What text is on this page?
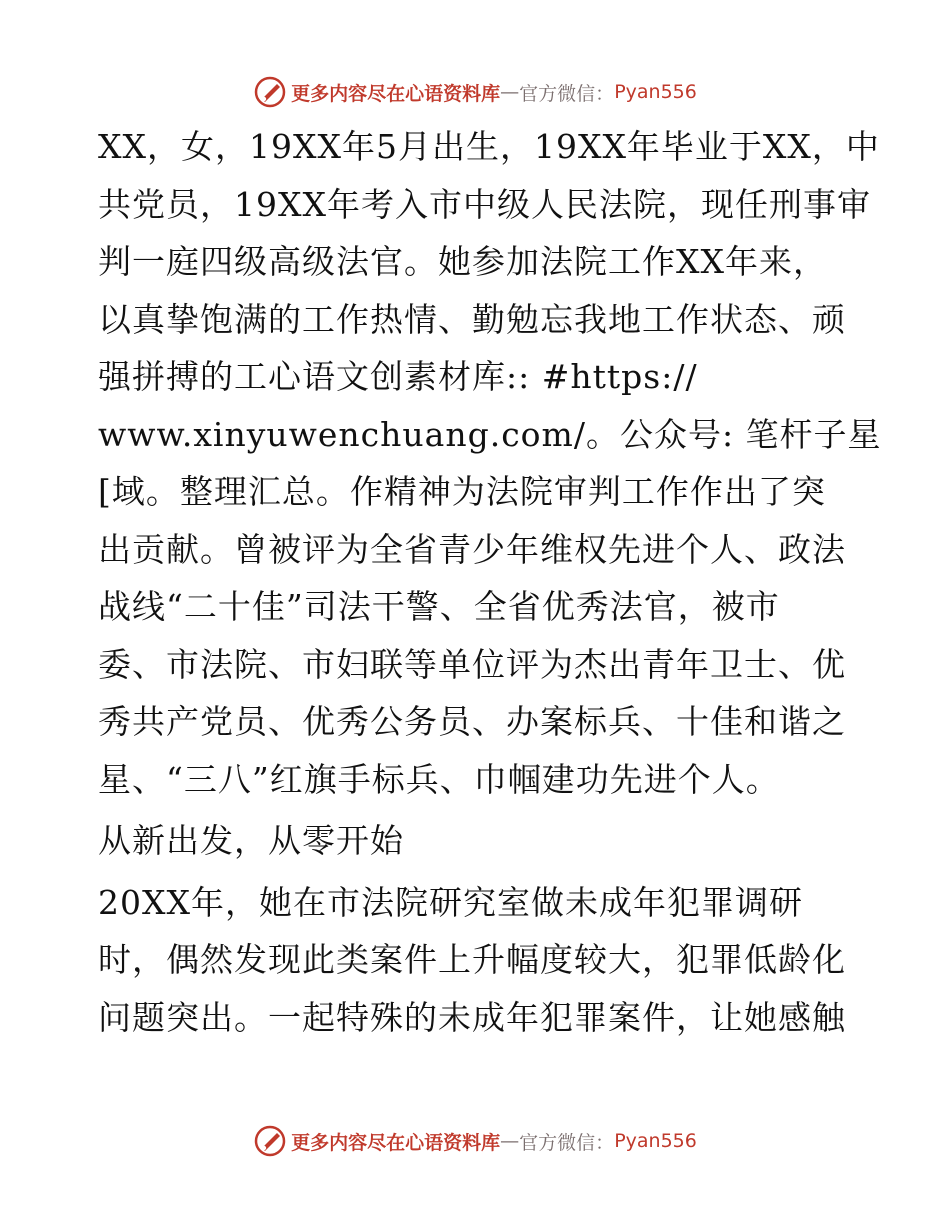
更多内容尽在心语资料库 — 官方微信： Pyan556

XX，女，19XX年5月出生，19XX年毕业于XX，中
共党员，19XX年考入市中级人民法院，现任刑事审
判一庭四级高级法官。她参加法院工作XX年来，
以真挚饱满的工作热情、勤勉忘我地工作状态、顽
强拼搏的工心语文创素材库:: #https://
www.xinyuwenchuang.com/。公众号: 笔杆子星
[域。整理汇总。作精神为法院审判工作作出了突
出贡献。曾被评为全省青少年维权先进个人、政法
战线“二十佳”司法干警、全省优秀法官，被市
委、市法院、市妇联等单位评为杰出青年卫士、优
秀共产党员、优秀公务员、办案标兵、十佳和谐之
星、“三八”红旗手标兵、巾帼建功先进个人。

从新出发，从零开始

20XX年，她在市法院研究室做未成年犯罪调研
时，偶然发现此类案件上升幅度较大，犯罪低龄化
问题突出。一起特殊的未成年犯罪案件，让她感触

更多内容尽在心语资料库 — 官方微信： Pyan556
